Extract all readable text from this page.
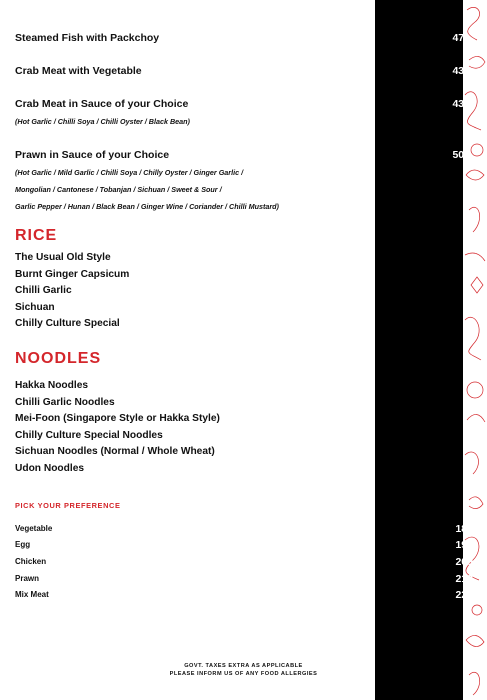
Steamed Fish with Packchoy	479
Crab Meat with Vegetable	439
Crab Meat in Sauce of your Choice	439
(Hot Garlic / Chilli Soya / Chilli Oyster / Black Bean)
Prawn in Sauce of your Choice	509
(Hot Garlic / Mild Garlic / Chilli Soya / Chilly Oyster / Ginger Garlic /
Mongolian / Cantonese / Tobanjan / Sichuan / Sweet & Sour /
Garlic Pepper / Hunan / Black Bean / Ginger Wine / Coriander / Chilli Mustard)
RICE
The Usual Old Style
Burnt Ginger Capsicum
Chilli Garlic
Sichuan
Chilly Culture Special
NOODLES
Hakka Noodles
Chilli Garlic Noodles
Mei-Foon (Singapore Style or Hakka Style)
Chilly Culture Special Noodles
Sichuan Noodles (Normal / Whole Wheat)
Udon Noodles
PICK YOUR PREFERENCE
Vegetable	189
Egg	199
Chicken	209
Prawn	219
Mix Meat	229
GOVT. TAXES EXTRA AS APPLICABLE
PLEASE INFORM US OF ANY FOOD ALLERGIES
